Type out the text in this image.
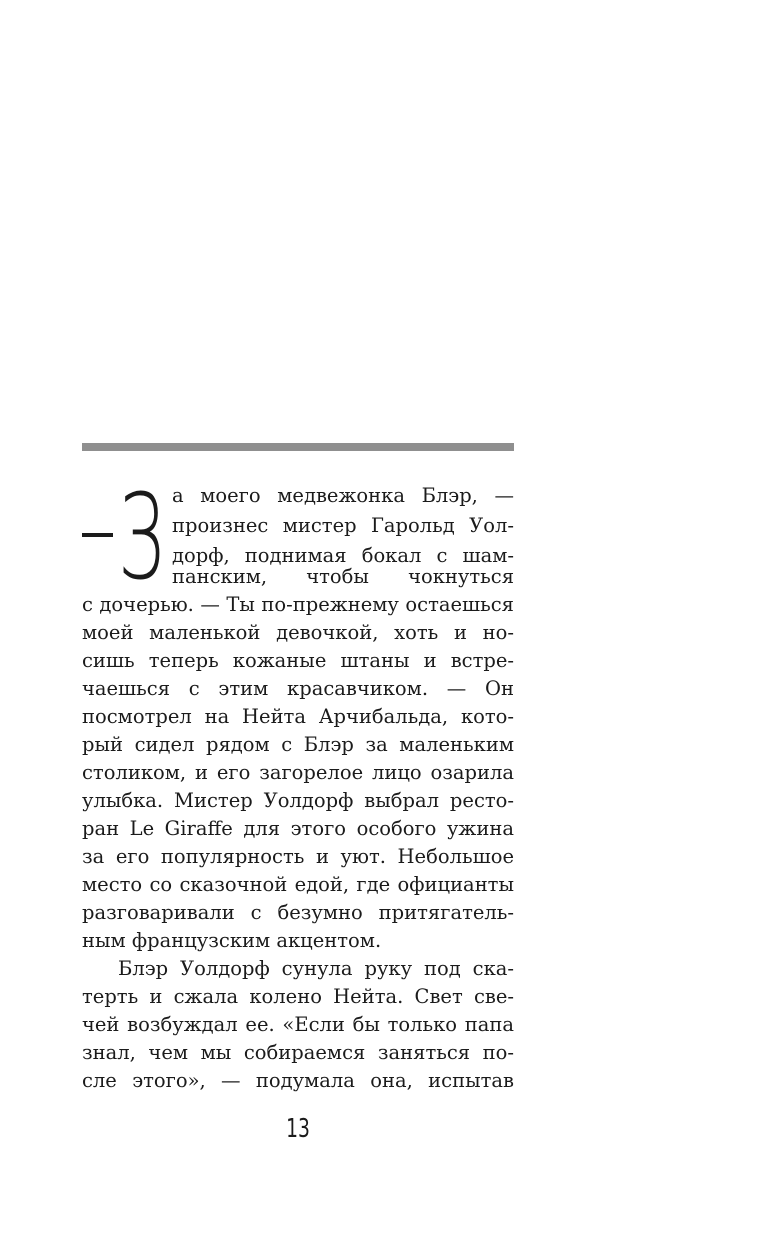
З а моего медвежонка Блэр, —
произнес мистер Гарольд Уол-
дорф, поднимая бокал с шам-
панским, чтобы чокнуться
с дочерью. — Ты по-прежнему остаешься
моей маленькой девочкой, хоть и но-
сишь теперь кожаные штаны и встре-
чаешься с этим красавчиком. — Он
посмотрел на Нейта Арчибальда, кото-
рый сидел рядом с Блэр за маленьким
столиком, и его загорелое лицо озарила
улыбка. Мистер Уолдорф выбрал ресто-
ран Le Giraffe для этого особого ужина
за его популярность и уют. Небольшое
место со сказочной едой, где официанты
разговаривали с безумно притягатель-
ным французским акцентом.
Блэр Уолдорф сунула руку под ска-
терть и сжала колено Нейта. Свет све-
чей возбуждал ее. «Если бы только папа
знал, чем мы собираемся заняться по-
сле этого», — подумала она, испытав
13
